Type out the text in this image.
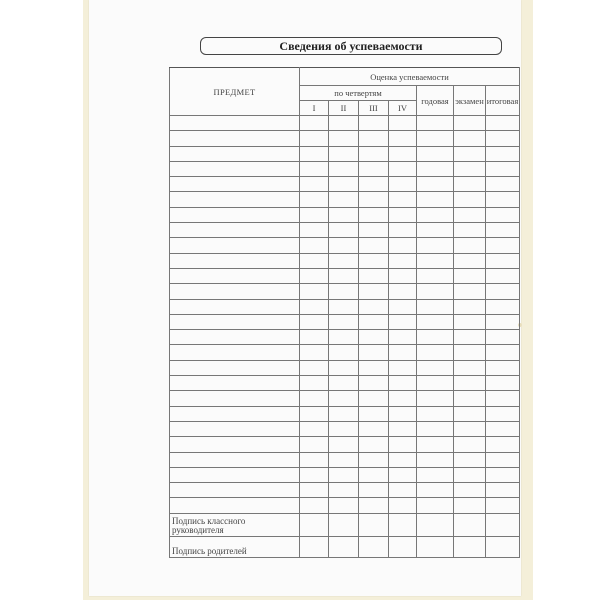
Сведения об успеваемости
ПРЕДМЕТ	Оценка успеваемости						
	по четвертям				годовая	экзамен	итоговая
	I	II	III	IV			

Подпись классного руководителя							
Подпись родителей							
